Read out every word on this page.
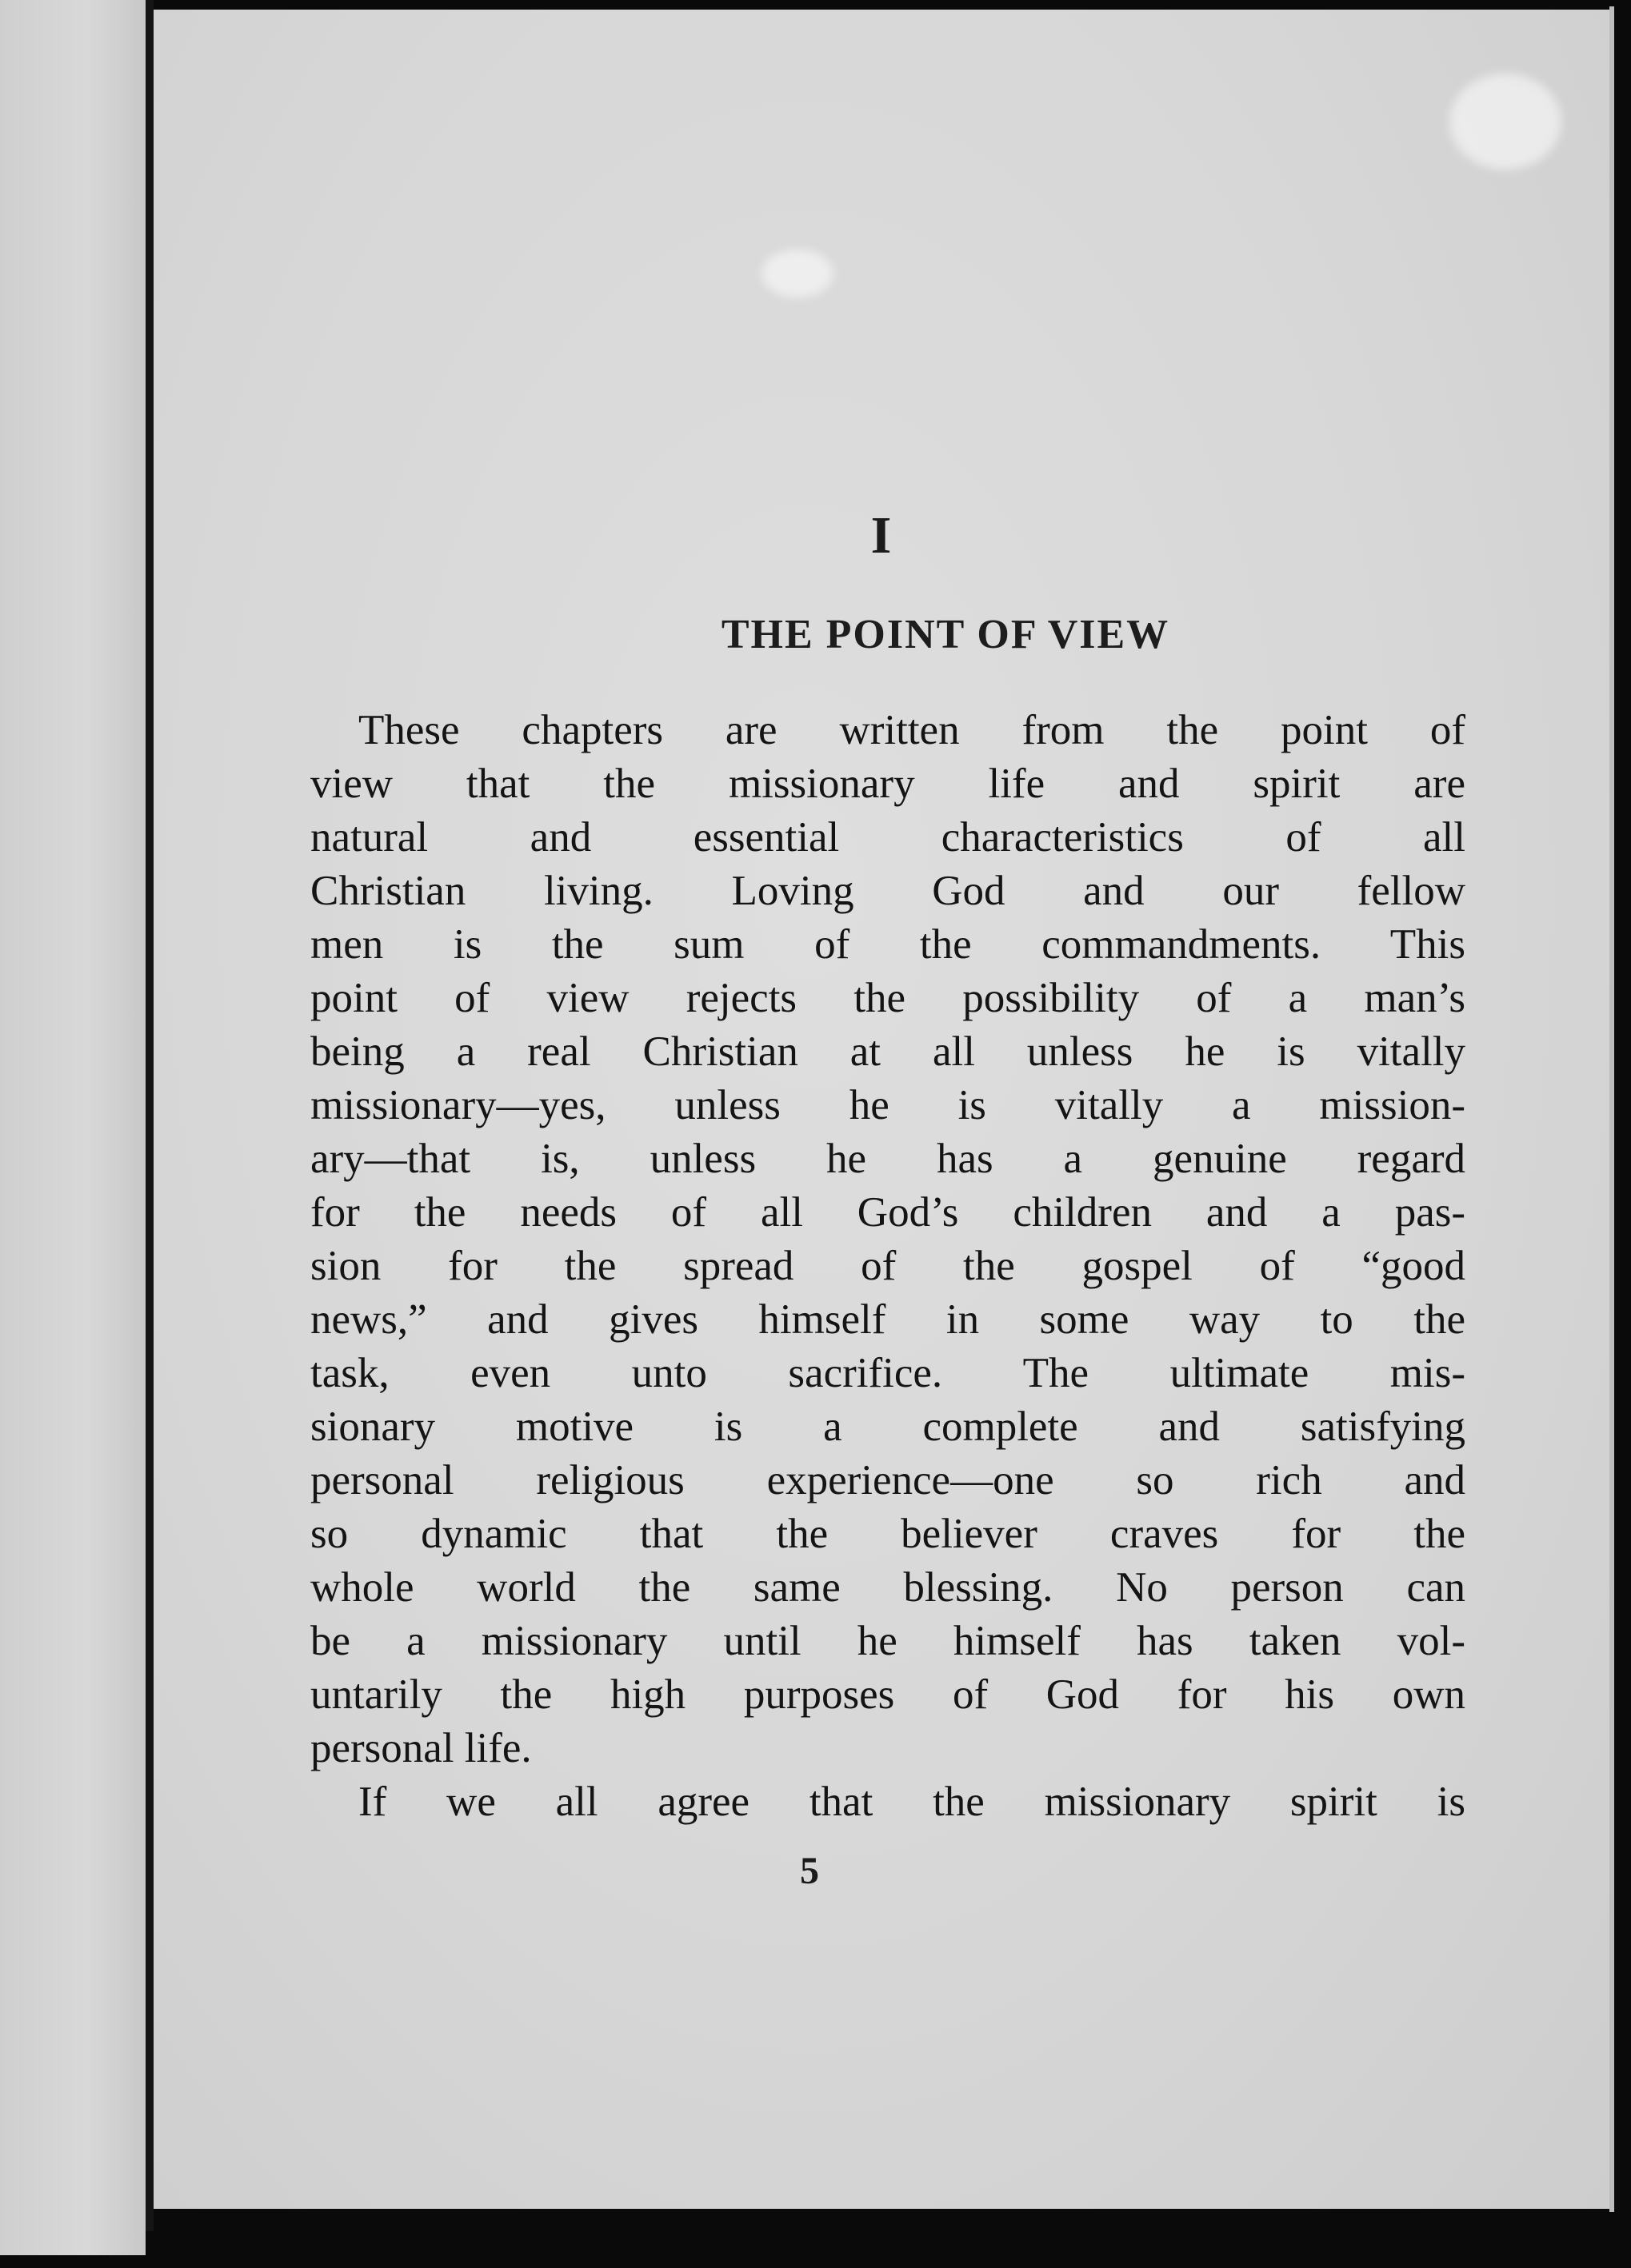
I
THE POINT OF VIEW
These chapters are written from the point of
view that the missionary life and spirit are
natural and essential characteristics of all
Christian living. Loving God and our fellow
men is the sum of the commandments. This
point of view rejects the possibility of a man’s
being a real Christian at all unless he is vitally
missionary—yes, unless he is vitally a mission-
ary—that is, unless he has a genuine regard
for the needs of all God’s children and a pas-
sion for the spread of the gospel of “good
news,” and gives himself in some way to the
task, even unto sacrifice. The ultimate mis-
sionary motive is a complete and satisfying
personal religious experience—one so rich and
so dynamic that the believer craves for the
whole world the same blessing. No person can
be a missionary until he himself has taken vol-
untarily the high purposes of God for his own
personal life.
If we all agree that the missionary spirit is
5
